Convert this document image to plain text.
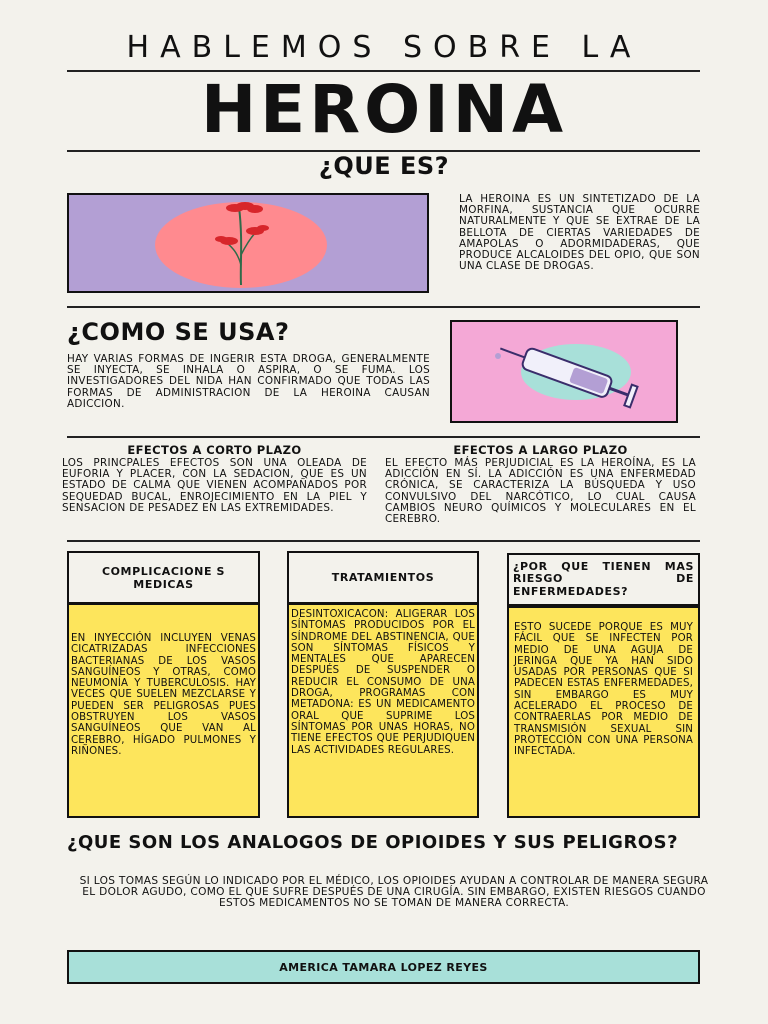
HABLEMOS SOBRE LA
HEROINA
¿QUE ES?
LA HEROINA ES UN SINTETIZADO DE LA MORFINA, SUSTANCIA QUE OCURRE NATURALMENTE Y QUE SE EXTRAE DE LA BELLOTA DE CIERTAS VARIEDADES DE AMAPOLAS O ADORMIDADERAS, QUE PRODUCE ALCALOIDES DEL OPIO, QUE SON UNA CLASE DE DROGAS.
¿COMO SE USA?
HAY VARIAS FORMAS DE INGERIR ESTA DROGA, GENERALMENTE SE INYECTA, SE INHALA O ASPIRA, O SE FUMA. LOS INVESTIGADORES DEL NIDA HAN CONFIRMADO QUE TODAS LAS FORMAS DE ADMINISTRACION DE LA HEROINA CAUSAN ADICCION.
EFECTOS A CORTO PLAZO	EFECTOS A LARGO PLAZO
LOS PRINCPALES EFECTOS SON UNA OLEADA DE EUFORIA Y PLACER, CON LA SEDACION, QUE ES UN ESTADO DE CALMA QUE VIENEN ACOMPAÑADOS POR SEQUEDAD BUCAL, ENROJECIMIENTO EN LA PIEL Y SENSACION DE PESADEZ EN LAS EXTREMIDADES.
EL EFECTO MÁS PERJUDICIAL ES LA HEROÍNA, ES LA ADICCIÓN EN SÍ. LA ADICCIÓN ES UNA ENFERMEDAD CRÓNICA, SE CARACTERIZA LA BÚSQUEDA Y USO CONVULSIVO DEL NARCÓTICO, LO CUAL CAUSA CAMBIOS NEURO QUÍMICOS Y MOLECULARES EN EL CEREBRO.
COMPLICACIONE S MEDICAS
EN INYECCIÓN INCLUYEN VENAS CICATRIZADAS INFECCIONES BACTERIANAS DE LOS VASOS SANGUÍNEOS Y OTRAS, COMO NEUMONÍA Y TUBERCULOSIS. HAY VECES QUE SUELEN MEZCLARSE Y PUEDEN SER PELIGROSAS PUES OBSTRUYEN LOS VASOS SANGUÍNEOS QUE VAN AL CEREBRO, HÍGADO PULMONES Y RIÑONES.
TRATAMIENTOS
DESINTOXICACON: ALIGERAR LOS SÍNTOMAS PRODUCIDOS POR EL SÍNDROME DEL ABSTINENCIA, QUE SON SÍNTOMAS FÍSICOS Y MENTALES QUE APARECEN DESPUÉS DE SUSPENDER O REDUCIR EL CONSUMO DE UNA DROGA, PROGRAMAS CON METADONA: ES UN MEDICAMENTO ORAL QUE SUPRIME LOS SÍNTOMAS POR UNAS HORAS, NO TIENE EFECTOS QUE PERJUDIQUEN LAS ACTIVIDADES REGULARES.
¿POR QUE TIENEN MAS RIESGO DE ENFERMEDADES?
ESTO SUCEDE PORQUE ES MUY FÁCIL QUE SE INFECTEN POR MEDIO DE UNA AGUJA DE JERINGA QUE YA HAN SIDO USADAS POR PERSONAS QUE SI PADECEN ESTAS ENFERMEDADES, SIN EMBARGO ES MUY ACELERADO EL PROCESO DE CONTRAERLAS POR MEDIO DE TRANSMISIÓN SEXUAL SIN PROTECCIÓN CON UNA PERSONA INFECTADA.
¿QUE SON LOS ANALOGOS DE OPIOIDES Y SUS PELIGROS?
SI LOS TOMAS SEGÚN LO INDICADO POR EL MÉDICO, LOS OPIOIDES AYUDAN A CONTROLAR DE MANERA SEGURA EL DOLOR AGUDO, COMO EL QUE SUFRE DESPUÉS DE UNA CIRUGÍA. SIN EMBARGO, EXISTEN RIESGOS CUANDO ESTOS MEDICAMENTOS NO SE TOMAN DE MANERA CORRECTA.
AMERICA TAMARA LOPEZ REYES
